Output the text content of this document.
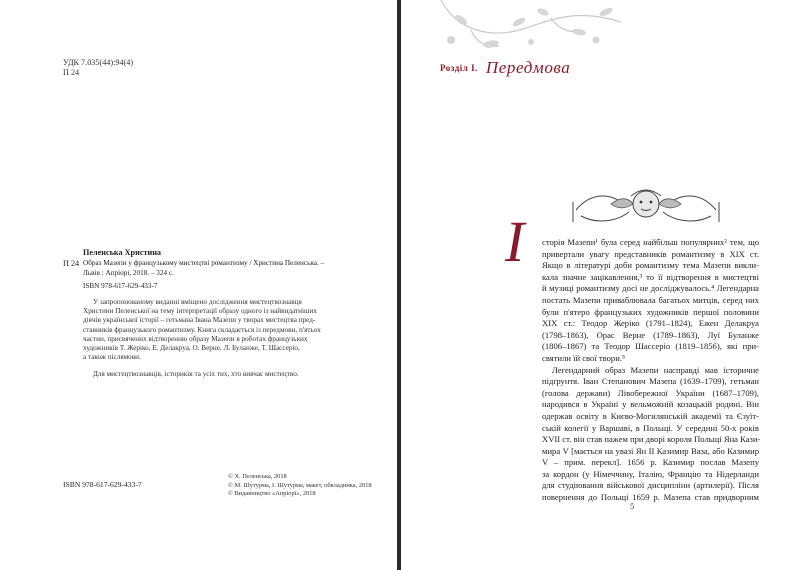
УДК 7.035(44):94(4)

П 24

П 24
Пеленська Христина
Образ Мазепи у французькому мистецтві романтизму / Христина Пеленська. –
Львів : Апріорі, 2018. – 324 с.
ISBN 978-617-629-433-7

У запропонованому виданні вміщено дослідження мистецтвознавця

Христини Пеленської на тему інтерпретації образу одного із найвидатніших

діячів української історії – гетьмана Івана Мазепи у творах мистецтва пред-

ставників французького романтизму. Книга складається із передмови, п'ятьох

частин, присвячених відтворенню образу Мазепи в роботах французьких

художників Т. Жеріко, Е. Делакруа, О. Верне, Л. Буланже, Т. Шассеріо,

а також післямови.

Для мистецтвознавців, істориків та усіх тих, хто вивчає мистецтво.
© Х. Пеленська, 2018
© М. Шутурма, І. Шутурма, макет, обкладинка, 2018
© Видавництво «Апріорі», 2018

ISBN 978-617-629-433-7

Розділ І. Передмова
І сторія Мазепи¹ була серед найбільш популярних² тем, що
привертали увагу представників романтизму в ХІХ ст.
Якщо в літературі доби романтизму тема Мазепи викли-
кала значне зацікавлення,³ то її відтворення в мистецтві
й музиці романтизму досі не досліджувалось.⁴ Легендарна
постать Мазепи приваблювала багатьох митців, серед них
були п'ятеро французьких художників першої половини
ХІХ ст.: Теодор Жеріко (1791–1824), Ежен Делакруа
(1798–1863), Орас Верне (1789–1863), Луї Буланже
(1806–1867) та Теодор Шассеріо (1819–1856), які при-
святили їй свої твори.⁵
Легендарний образ Мазепи насправді мав історичне
підґрунтя. Іван Степанович Мазепа (1639–1709), гетьман
(голова держави) Лівобережної України (1687–1709),
народився в Україні у вельможній козацькій родині. Він
одержав освіту в Києво-Могилянській академії та Єзуїт-
ській колегії у Варшаві, в Польщі. У середині 50-х років
XVII ст. він став пажем при дворі короля Польщі Яна Кази-
мира V [мається на увазі Ян ІІ Казимир Ваза, або Казимир
V – прим. перекл]. 1656 р. Казимир послав Мазепу
за кордон (у Німеччину, Італію, Францію та Нідерланди
для студіювання військової дисципліни (артилерії). Після
повернення до Польщі 1659 р. Мазепа став придворним
5
